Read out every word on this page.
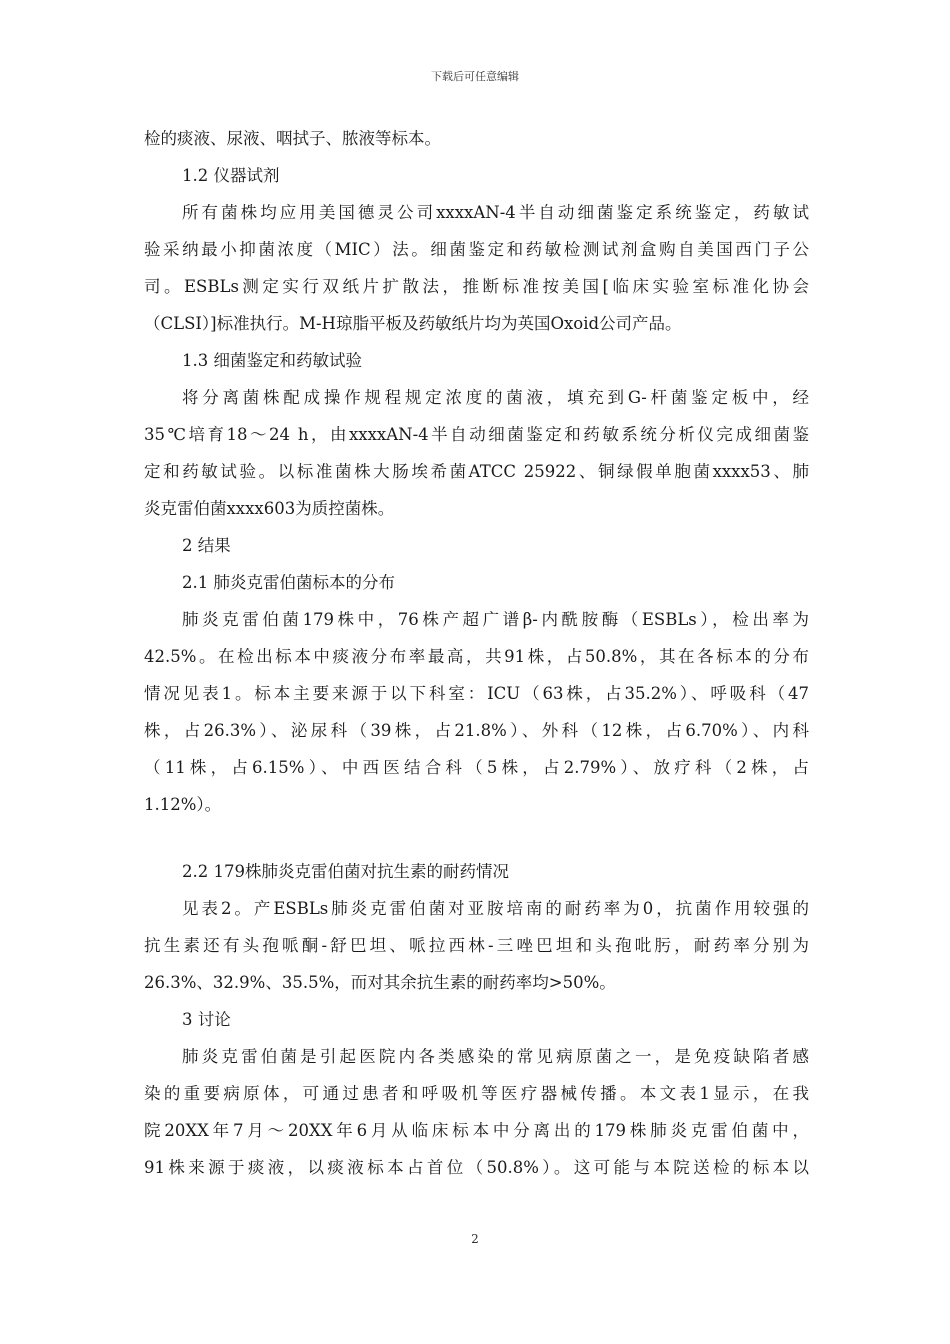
下载后可任意编辑
检的痰液、尿液、咽拭子、脓液等标本。
1.2 仪器试剂
所有菌株均应用美国德灵公司xxxxAN-4半自动细菌鉴定系统鉴定，药敏试
验采纳最小抑菌浓度（MIC）法。细菌鉴定和药敏检测试剂盒购自美国西门子公
司。ESBLs测定实行双纸片扩散法，推断标准按美国[临床实验室标准化协会
（CLSI）]标准执行。M-H琼脂平板及药敏纸片均为英国Oxoid公司产品。
1.3 细菌鉴定和药敏试验
将分离菌株配成操作规程规定浓度的菌液，填充到G-杆菌鉴定板中，经
35℃培育18～24 h，由xxxxAN-4半自动细菌鉴定和药敏系统分析仪完成细菌鉴
定和药敏试验。以标准菌株大肠埃希菌ATCC 25922、铜绿假单胞菌xxxx53、肺
炎克雷伯菌xxxx603为质控菌株。
2 结果
2.1 肺炎克雷伯菌标本的分布
肺炎克雷伯菌179株中，76株产超广谱β-内酰胺酶（ESBLs），检出率为
42.5%。在检出标本中痰液分布率最高，共91株，占50.8%，其在各标本的分布
情况见表1。标本主要来源于以下科室：ICU（63株，占35.2%）、呼吸科（47
株，占26.3%）、泌尿科（39株，占21.8%）、外科（12株，占6.70%）、内科
（11株，占6.15%）、中西医结合科（5株，占2.79%）、放疗科（2株，占
1.12%）。
2.2 179株肺炎克雷伯菌对抗生素的耐药情况
见表2。产ESBLs肺炎克雷伯菌对亚胺培南的耐药率为0，抗菌作用较强的
抗生素还有头孢哌酮-舒巴坦、哌拉西林-三唑巴坦和头孢吡肟，耐药率分别为
26.3%、32.9%、35.5%，而对其余抗生素的耐药率均>50%。
3 讨论
肺炎克雷伯菌是引起医院内各类感染的常见病原菌之一，是免疫缺陷者感
染的重要病原体，可通过患者和呼吸机等医疗器械传播。本文表1显示，在我
院20XX年7月～20XX年6月从临床标本中分离出的179株肺炎克雷伯菌中，
91株来源于痰液，以痰液标本占首位（50.8%）。这可能与本院送检的标本以
2
